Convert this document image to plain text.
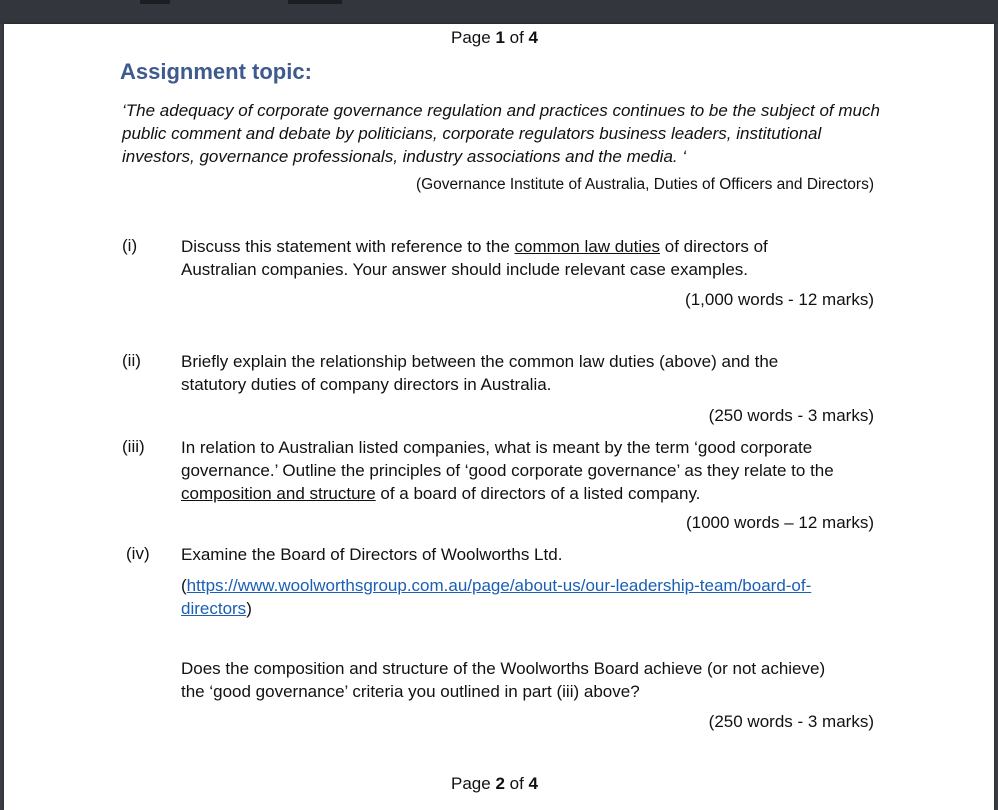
Page 1 of 4
Assignment topic:
‘The adequacy of corporate governance regulation and practices continues to be the subject of much public comment and debate by politicians, corporate regulators business leaders, institutional investors, governance professionals, industry associations and the media. ‘
(Governance Institute of Australia, Duties of Officers and Directors)
(i)	Discuss this statement with reference to the common law duties of directors of Australian companies. Your answer should include relevant case examples.
(1,000 words - 12 marks)
(ii) Briefly explain the relationship between the common law duties (above) and the statutory duties of company directors in Australia.
(250 words - 3 marks)
(iii) In relation to Australian listed companies, what is meant by the term ‘good corporate governance.’ Outline the principles of ‘good corporate governance’ as they relate to the composition and structure of a board of directors of a listed company.
(1000 words – 12 marks)
(iv) Examine the Board of Directors of Woolworths Ltd.
(https://www.woolworthsgroup.com.au/page/about-us/our-leadership-team/board-of-
directors)
Does the composition and structure of the Woolworths Board achieve (or not achieve) the ‘good governance’ criteria you outlined in part (iii) above?
(250 words - 3 marks)
Page 2 of 4
